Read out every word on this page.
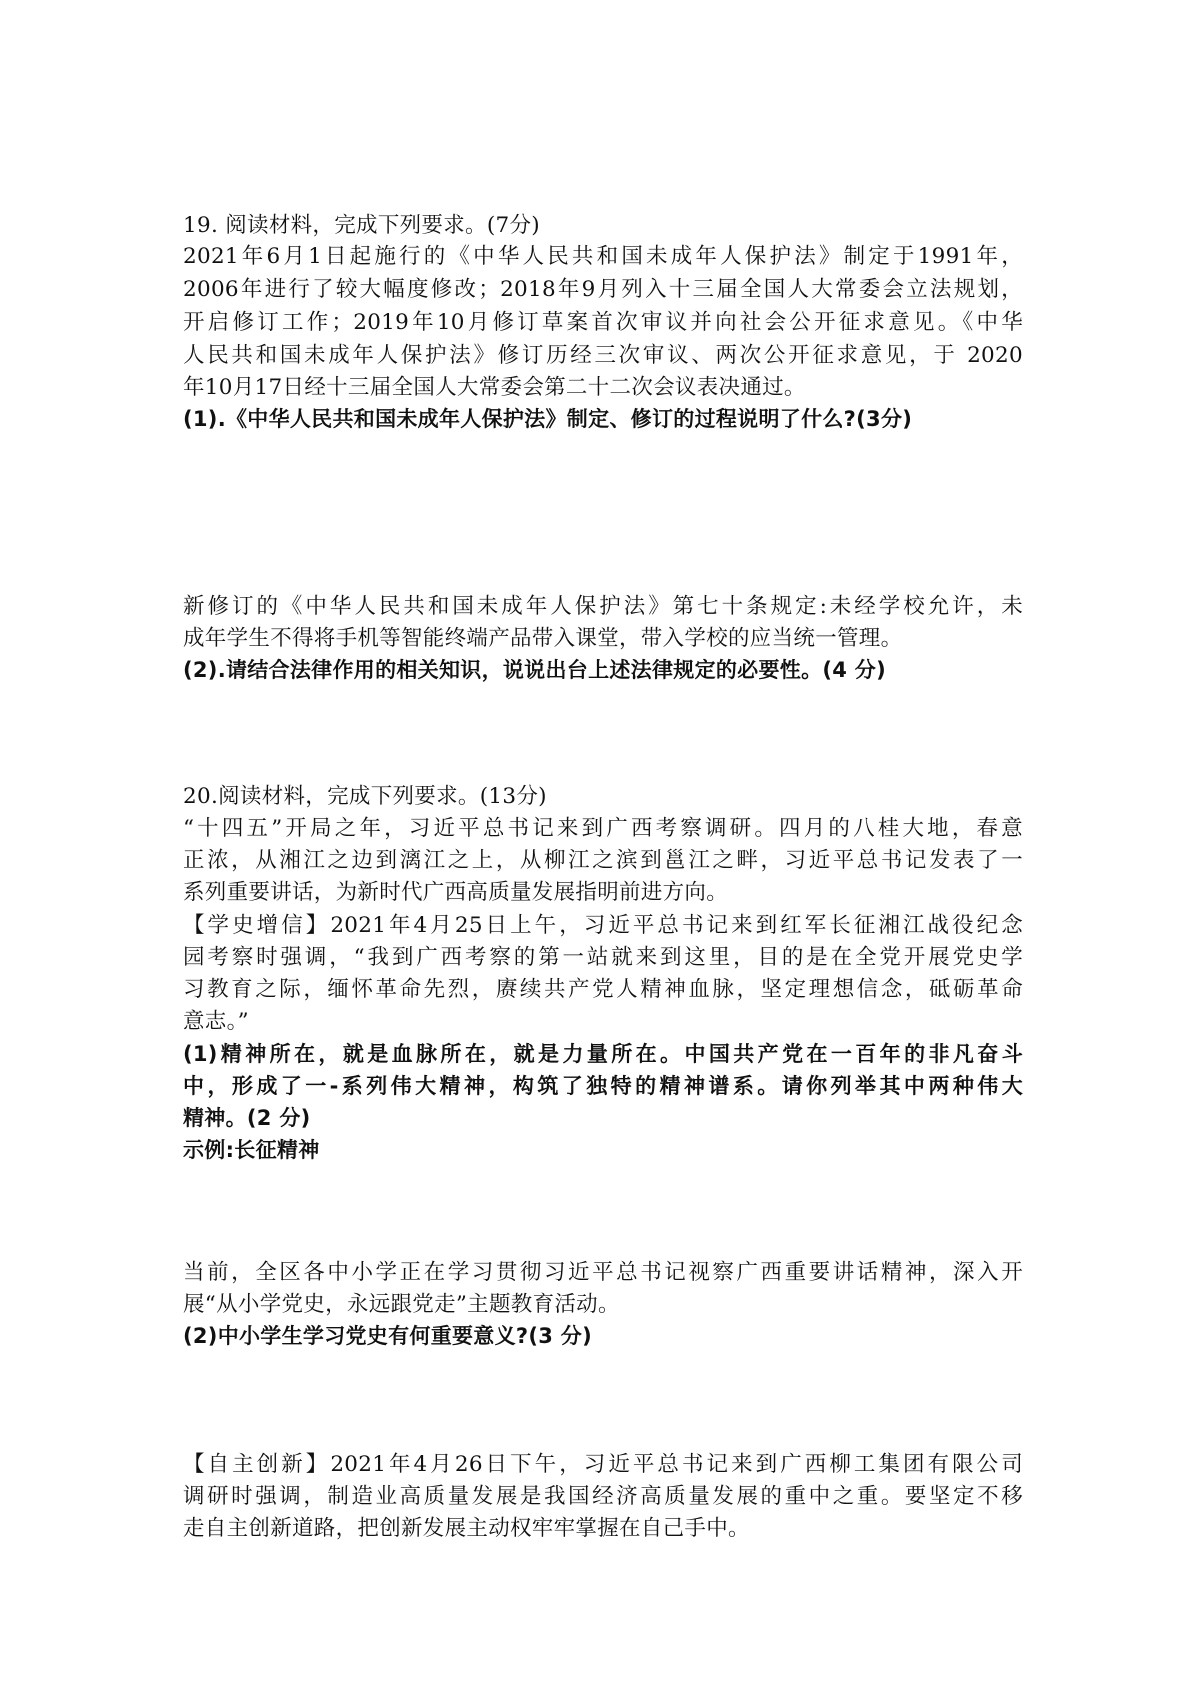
19. 阅读材料，完成下列要求。(7分)
2021年6月1日起施行的《中华人民共和国未成年人保护法》制定于1991年，
2006年进行了较大幅度修改；2018年9月列入十三届全国人大常委会立法规划，
开启修订工作；2019年10月修订草案首次审议并向社会公开征求意见。《中华
人民共和国未成年人保护法》修订历经三次审议、两次公开征求意见，于 2020
年10月17日经十三届全国人大常委会第二十二次会议表决通过。
(1).《中华人民共和国未成年人保护法》制定、修订的过程说明了什么?(3分)
新修订的《中华人民共和国未成年人保护法》第七十条规定:未经学校允许，未
成年学生不得将手机等智能终端产品带入课堂，带入学校的应当统一管理。
(2).请结合法律作用的相关知识，说说出台上述法律规定的必要性。(4 分)
20.阅读材料，完成下列要求。(13分)
“十四五”开局之年，习近平总书记来到广西考察调研。四月的八桂大地，春意
正浓，从湘江之边到漓江之上，从柳江之滨到邕江之畔，习近平总书记发表了一
系列重要讲话，为新时代广西高质量发展指明前进方向。
【学史增信】2021年4月25日上午，习近平总书记来到红军长征湘江战役纪念
园考察时强调，“我到广西考察的第一站就来到这里，目的是在全党开展党史学
习教育之际，缅怀革命先烈，赓续共产党人精神血脉，坚定理想信念，砥砺革命
意志。”
(1)精神所在，就是血脉所在，就是力量所在。中国共产党在一百年的非凡奋斗
中，形成了一-系列伟大精神，构筑了独特的精神谱系。请你列举其中两种伟大
精神。(2 分)
示例:长征精神
当前，全区各中小学正在学习贯彻习近平总书记视察广西重要讲话精神，深入开
展“从小学党史，永远跟党走”主题教育活动。
(2)中小学生学习党史有何重要意义?(3 分)
【自主创新】2021年4月26日下午，习近平总书记来到广西柳工集团有限公司
调研时强调，制造业高质量发展是我国经济高质量发展的重中之重。要坚定不移
走自主创新道路，把创新发展主动权牢牢掌握在自己手中。
